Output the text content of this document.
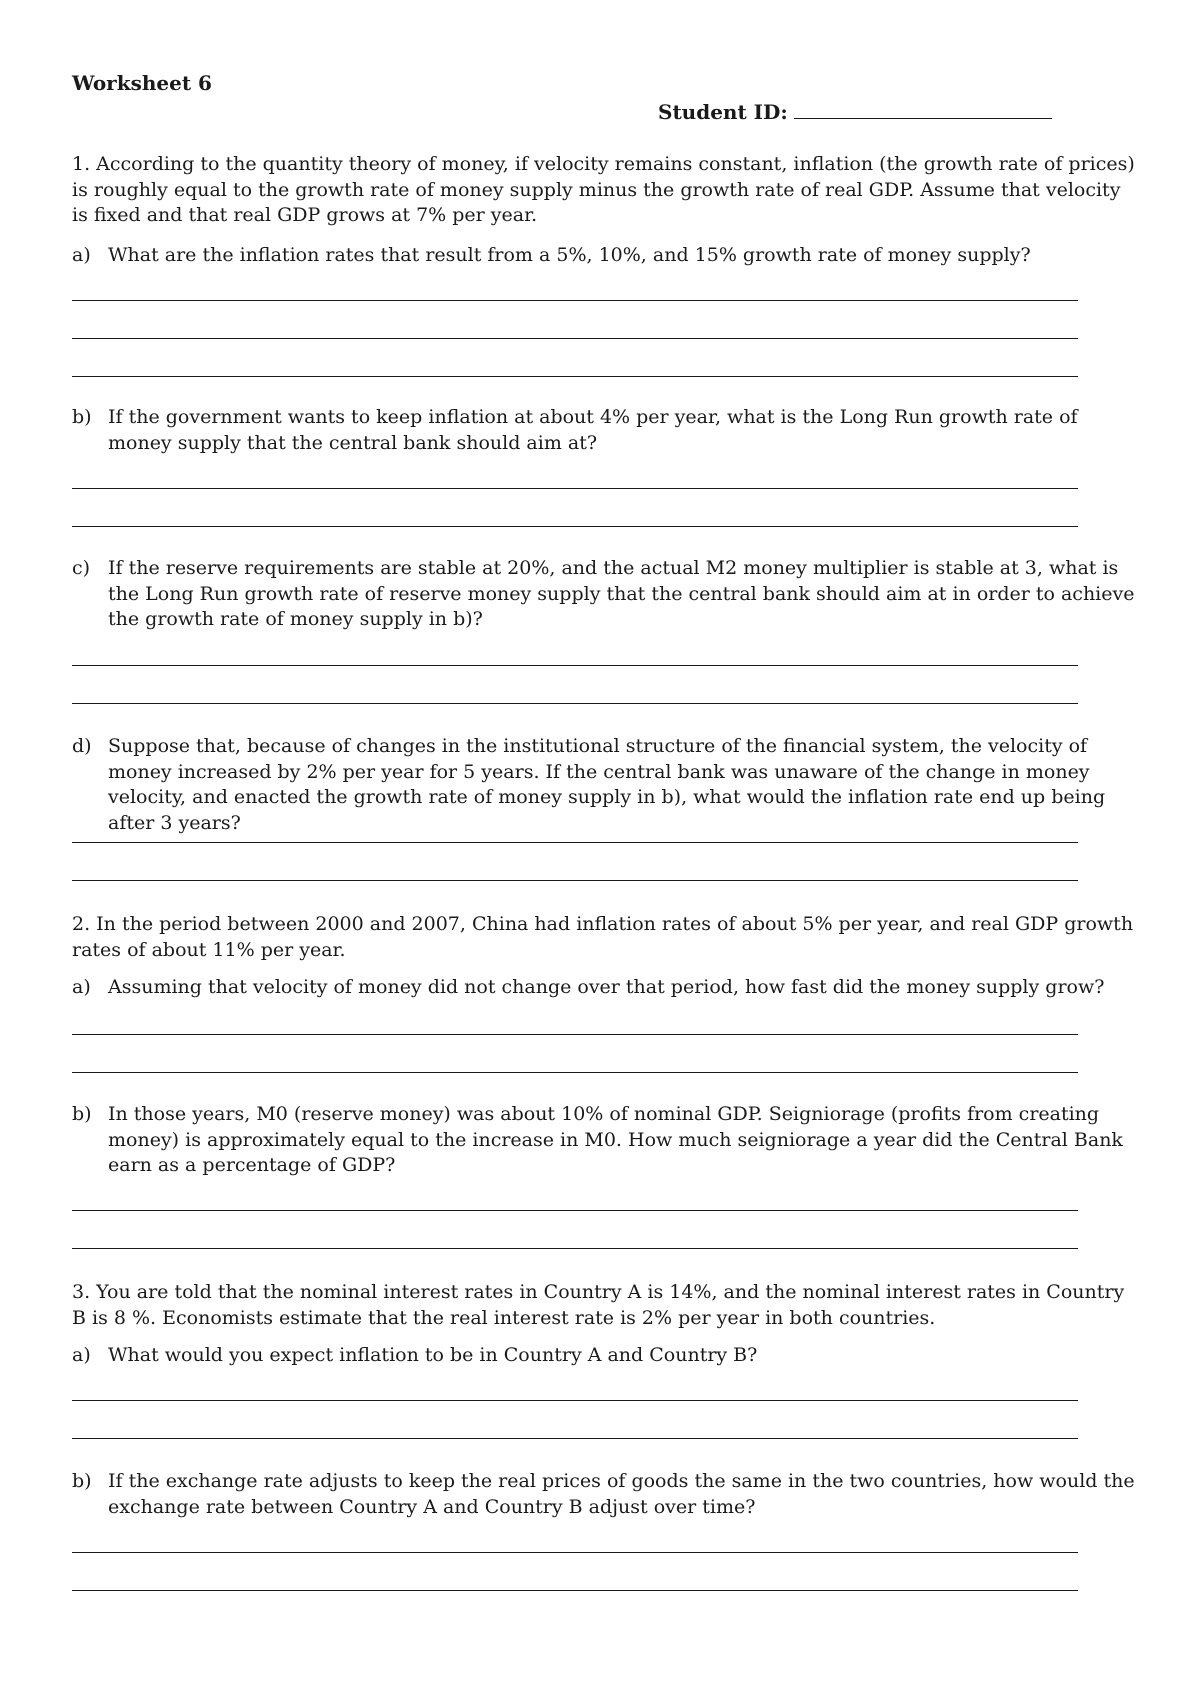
Worksheet 6
Student ID:

1. According to the quantity theory of money, if velocity remains constant, inflation (the growth rate of prices) is roughly equal to the growth rate of money supply minus the growth rate of real GDP. Assume that velocity is fixed and that real GDP grows at 7% per year.

a) What are the inflation rates that result from a 5%, 10%, and 15% growth rate of money supply?
b) If the government wants to keep inflation at about 4% per year, what is the Long Run growth rate of money supply that the central bank should aim at?
c) If the reserve requirements are stable at 20%, and the actual M2 money multiplier is stable at 3, what is the Long Run growth rate of reserve money supply that the central bank should aim at in order to achieve the growth rate of money supply in b)?
d) Suppose that, because of changes in the institutional structure of the financial system, the velocity of money increased by 2% per year for 5 years. If the central bank was unaware of the change in money velocity, and enacted the growth rate of money supply in b), what would the inflation rate end up being after 3 years?

2. In the period between 2000 and 2007, China had inflation rates of about 5% per year, and real GDP growth rates of about 11% per year.

a) Assuming that velocity of money did not change over that period, how fast did the money supply grow?
b) In those years, M0 (reserve money) was about 10% of nominal GDP. Seigniorage (profits from creating money) is approximately equal to the increase in M0. How much seigniorage a year did the Central Bank earn as a percentage of GDP?

3. You are told that the nominal interest rates in Country A is 14%, and the nominal interest rates in Country B is 8 %. Economists estimate that the real interest rate is 2% per year in both countries.

a) What would you expect inflation to be in Country A and Country B?
b) If the exchange rate adjusts to keep the real prices of goods the same in the two countries, how would the exchange rate between Country A and Country B adjust over time?
